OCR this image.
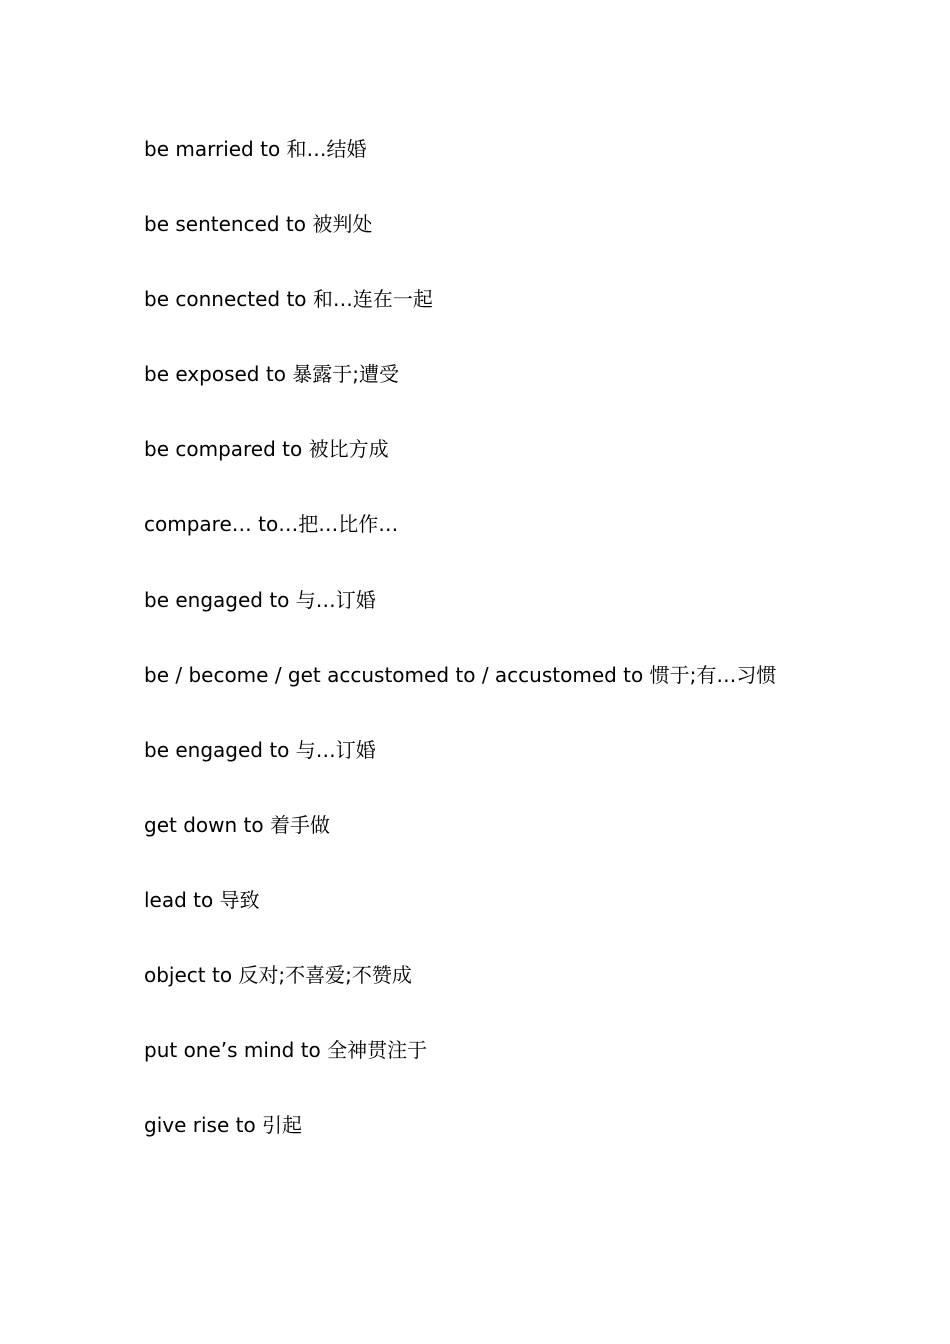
be married to 和…结婚
be sentenced to 被判处
be connected to 和…连在一起
be exposed to 暴露于;遭受
be compared to 被比方成
compare… to…把…比作…
be engaged to 与…订婚
be / become / get accustomed to / accustomed to 惯于;有…习惯
be engaged to 与…订婚
get down to 着手做
lead to 导致
object to 反对;不喜爱;不赞成
put one’s mind to 全神贯注于
give rise to 引起
